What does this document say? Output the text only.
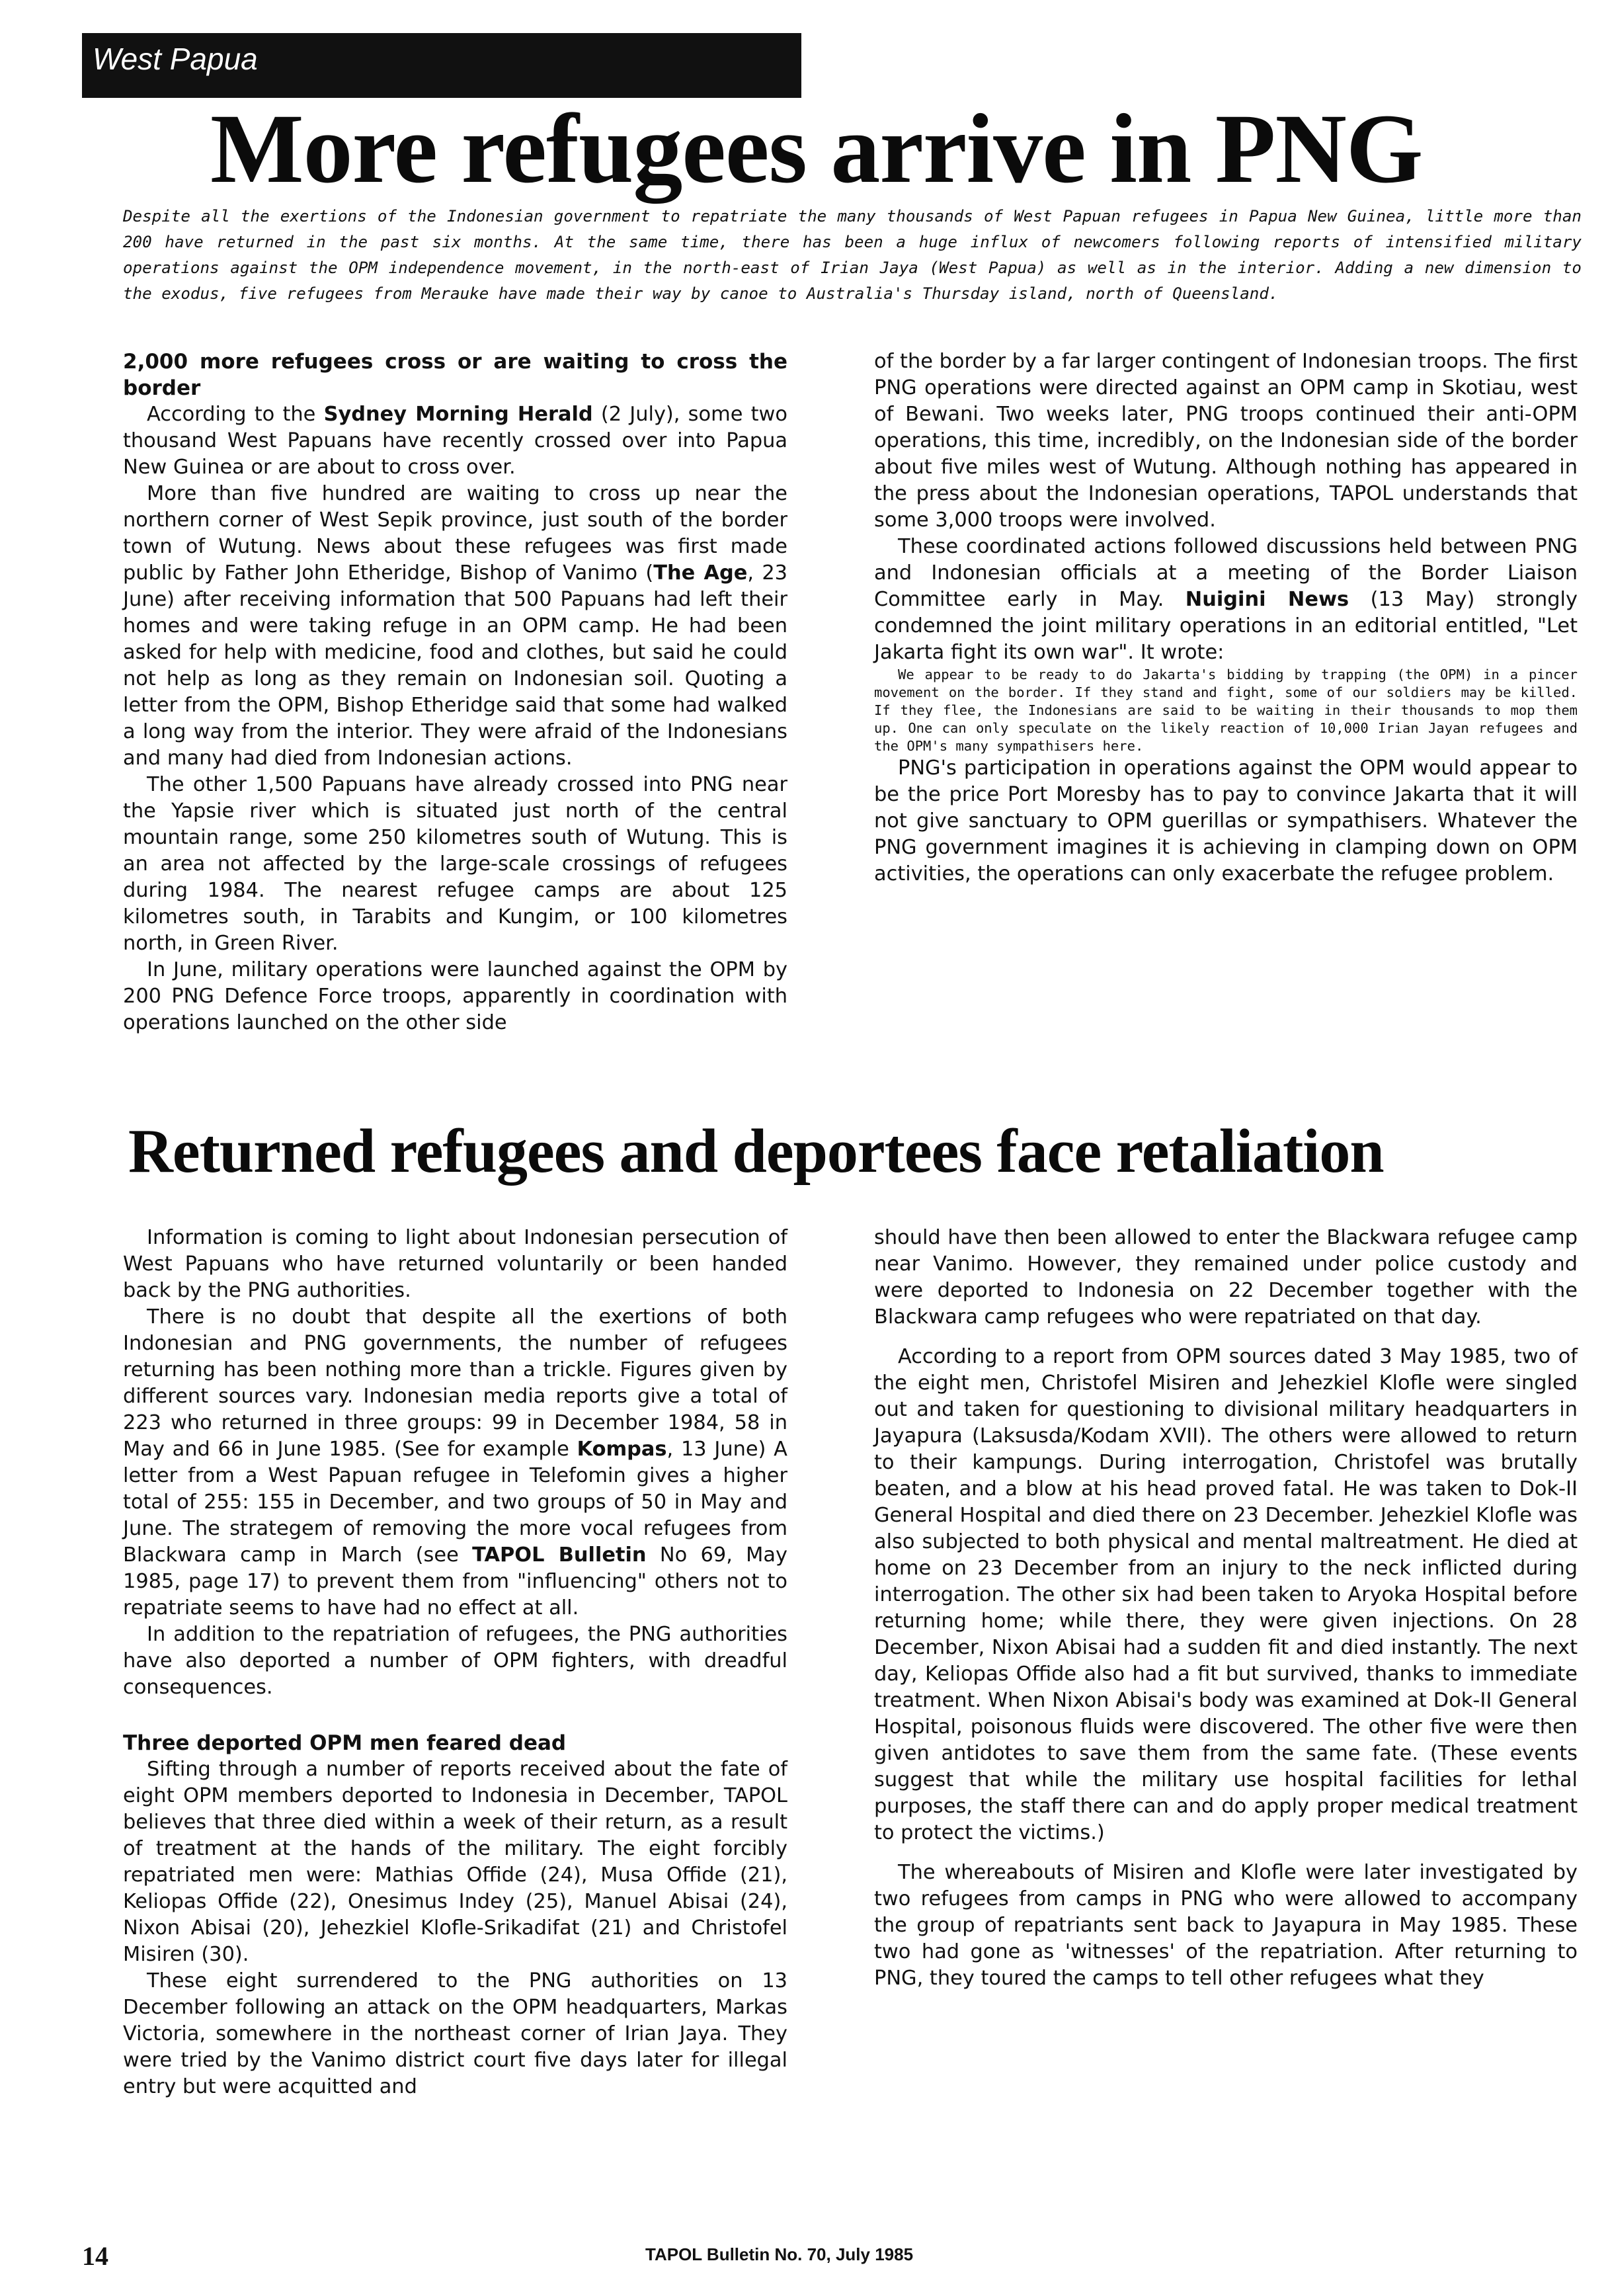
West Papua
More refugees arrive in PNG

Despite all the exertions of the Indonesian government to repatriate the many thousands of West Papuan refugees in Papua New Guinea, little more than 200 have returned in the past six months. At the same time, there has been a huge influx of newcomers following reports of intensified military operations against the OPM independence movement, in the north-east of Irian Jaya (West Papua) as well as in the interior. Adding a new dimension to the exodus, five refugees from Merauke have made their way by canoe to Australia's Thursday island, north of Queensland.

2,000 more refugees cross or are waiting to cross the border

According to the Sydney Morning Herald (2 July), some two thousand West Papuans have recently crossed over into Papua New Guinea or are about to cross over.

More than five hundred are waiting to cross up near the northern corner of West Sepik province, just south of the border town of Wutung. News about these refugees was first made public by Father John Etheridge, Bishop of Vanimo (The Age, 23 June) after receiving information that 500 Papuans had left their homes and were taking refuge in an OPM camp. He had been asked for help with medicine, food and clothes, but said he could not help as long as they remain on Indonesian soil. Quoting a letter from the OPM, Bishop Etheridge said that some had walked a long way from the interior. They were afraid of the Indonesians and many had died from Indonesian actions.

The other 1,500 Papuans have already crossed into PNG near the Yapsie river which is situated just north of the central mountain range, some 250 kilometres south of Wutung. This is an area not affected by the large-scale crossings of refugees during 1984. The nearest refugee camps are about 125 kilometres south, in Tarabits and Kungim, or 100 kilometres north, in Green River.

In June, military operations were launched against the OPM by 200 PNG Defence Force troops, apparently in coordination with operations launched on the other side

of the border by a far larger contingent of Indonesian troops. The first PNG operations were directed against an OPM camp in Skotiau, west of Bewani. Two weeks later, PNG troops continued their anti-OPM operations, this time, incredibly, on the Indonesian side of the border about five miles west of Wutung. Although nothing has appeared in the press about the Indonesian operations, TAPOL understands that some 3,000 troops were involved.

These coordinated actions followed discussions held between PNG and Indonesian officials at a meeting of the Border Liaison Committee early in May. Nuigini News (13 May) strongly condemned the joint military operations in an editorial entitled, "Let Jakarta fight its own war". It wrote:

We appear to be ready to do Jakarta's bidding by trapping (the OPM) in a pincer movement on the border. If they stand and fight, some of our soldiers may be killed. If they flee, the Indonesians are said to be waiting in their thousands to mop them up. One can only speculate on the likely reaction of 10,000 Irian Jayan refugees and the OPM's many sympathisers here.

PNG's participation in operations against the OPM would appear to be the price Port Moresby has to pay to convince Jakarta that it will not give sanctuary to OPM guerillas or sympathisers. Whatever the PNG government imagines it is achieving in clamping down on OPM activities, the operations can only exacerbate the refugee problem.

Returned refugees and deportees face retaliation

Information is coming to light about Indonesian persecution of West Papuans who have returned voluntarily or been handed back by the PNG authorities.

There is no doubt that despite all the exertions of both Indonesian and PNG governments, the number of refugees returning has been nothing more than a trickle. Figures given by different sources vary. Indonesian media reports give a total of 223 who returned in three groups: 99 in December 1984, 58 in May and 66 in June 1985. (See for example Kompas, 13 June) A letter from a West Papuan refugee in Telefomin gives a higher total of 255: 155 in December, and two groups of 50 in May and June. The strategem of removing the more vocal refugees from Blackwara camp in March (see TAPOL Bulletin No 69, May 1985, page 17) to prevent them from "influencing" others not to repatriate seems to have had no effect at all.

In addition to the repatriation of refugees, the PNG authorities have also deported a number of OPM fighters, with dreadful consequences.

Three deported OPM men feared dead

Sifting through a number of reports received about the fate of eight OPM members deported to Indonesia in December, TAPOL believes that three died within a week of their return, as a result of treatment at the hands of the military. The eight forcibly repatriated men were: Mathias Offide (24), Musa Offide (21), Keliopas Offide (22), Onesimus Indey (25), Manuel Abisai (24), Nixon Abisai (20), Jehezkiel Klofle-Srikadifat (21) and Christofel Misiren (30).

These eight surrendered to the PNG authorities on 13 December following an attack on the OPM headquarters, Markas Victoria, somewhere in the northeast corner of Irian Jaya. They were tried by the Vanimo district court five days later for illegal entry but were acquitted and

should have then been allowed to enter the Blackwara refugee camp near Vanimo. However, they remained under police custody and were deported to Indonesia on 22 December together with the Blackwara camp refugees who were repatriated on that day.

According to a report from OPM sources dated 3 May 1985, two of the eight men, Christofel Misiren and Jehezkiel Klofle were singled out and taken for questioning to divisional military headquarters in Jayapura (Laksusda/Kodam XVII). The others were allowed to return to their kampungs. During interrogation, Christofel was brutally beaten, and a blow at his head proved fatal. He was taken to Dok-II General Hospital and died there on 23 December. Jehezkiel Klofle was also subjected to both physical and mental maltreatment. He died at home on 23 December from an injury to the neck inflicted during interrogation. The other six had been taken to Aryoka Hospital before returning home; while there, they were given injections. On 28 December, Nixon Abisai had a sudden fit and died instantly. The next day, Keliopas Offide also had a fit but survived, thanks to immediate treatment. When Nixon Abisai's body was examined at Dok-II General Hospital, poisonous fluids were discovered. The other five were then given antidotes to save them from the same fate. (These events suggest that while the military use hospital facilities for lethal purposes, the staff there can and do apply proper medical treatment to protect the victims.)

The whereabouts of Misiren and Klofle were later investigated by two refugees from camps in PNG who were allowed to accompany the group of repatriants sent back to Jayapura in May 1985. These two had gone as 'witnesses' of the repatriation. After returning to PNG, they toured the camps to tell other refugees what they

14	TAPOL Bulletin No. 70, July 1985
